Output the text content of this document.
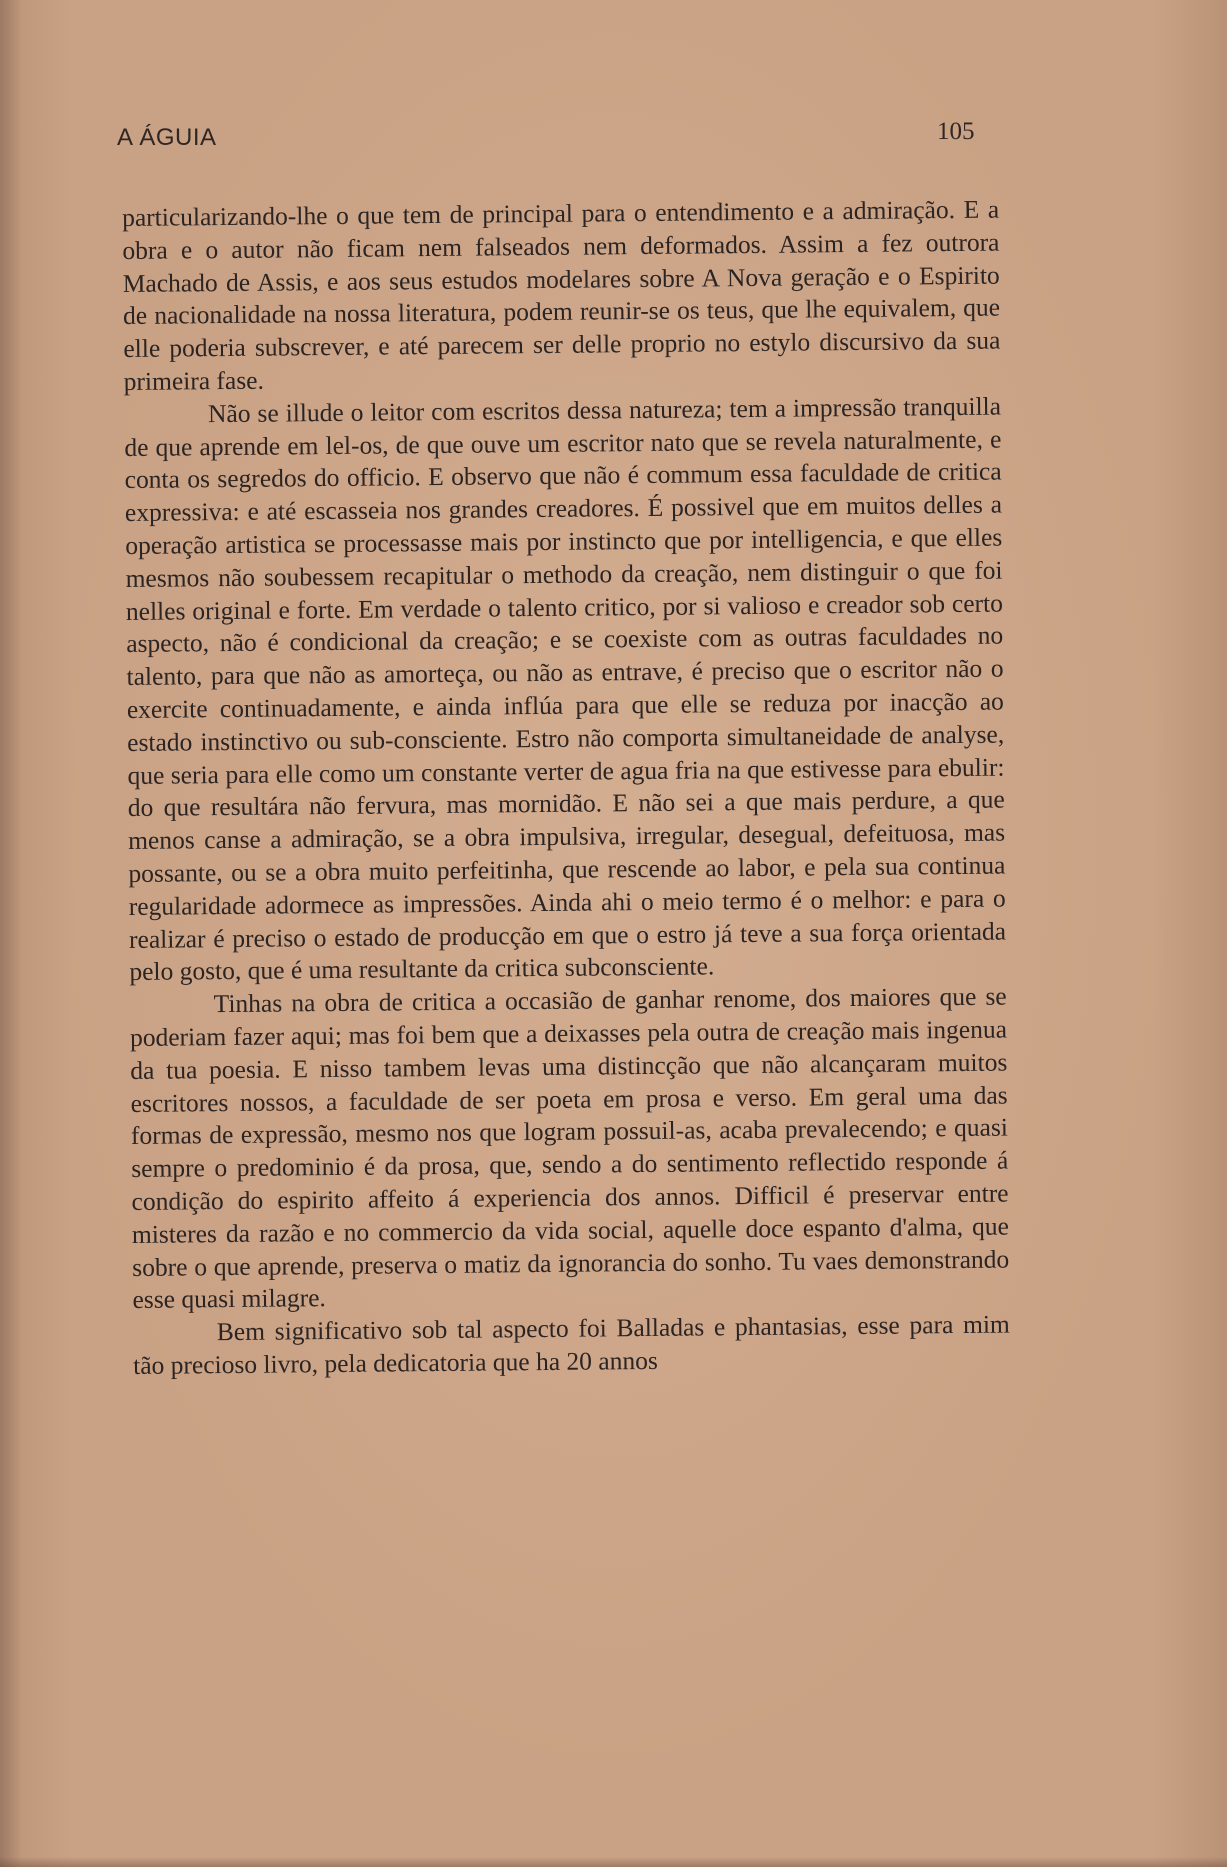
A ÁGUIA	105

particularizando-lhe o que tem de principal para o entendimento e a admiração. E a obra e o autor não ficam nem falseados nem deformados. Assim a fez outrora Machado de Assis, e aos seus estudos modelares sobre A Nova geração e o Espirito de nacionalidade na nossa literatura, podem reunir-se os teus, que lhe equivalem, que elle poderia subscrever, e até parecem ser delle proprio no estylo discursivo da sua primeira fase.

Não se illude o leitor com escritos dessa natureza; tem a impressão tranquilla de que aprende em lel-os, de que ouve um escritor nato que se revela naturalmente, e conta os segredos do officio. E observo que não é commum essa faculdade de critica expressiva: e até escasseia nos grandes creadores. É possivel que em muitos delles a operação artistica se processasse mais por instincto que por intelligencia, e que elles mesmos não soubessem recapitular o methodo da creação, nem distinguir o que foi nelles original e forte. Em verdade o talento critico, por si valioso e creador sob certo aspecto, não é condicional da creação; e se coexiste com as outras faculdades no talento, para que não as amorteça, ou não as entrave, é preciso que o escritor não o exercite continuadamente, e ainda inflúa para que elle se reduza por inacção ao estado instinctivo ou sub-consciente. Estro não comporta simultaneidade de analyse, que seria para elle como um constante verter de agua fria na que estivesse para ebulir: do que resultára não fervura, mas mornidão. E não sei a que mais perdure, a que menos canse a admiração, se a obra impulsiva, irregular, desegual, defeituosa, mas possante, ou se a obra muito perfeitinha, que rescende ao labor, e pela sua continua regularidade adormece as impressões. Ainda ahi o meio termo é o melhor: e para o realizar é preciso o estado de producção em que o estro já teve a sua força orientada pelo gosto, que é uma resultante da critica subconsciente.

Tinhas na obra de critica a occasião de ganhar renome, dos maiores que se poderiam fazer aqui; mas foi bem que a deixasses pela outra de creação mais ingenua da tua poesia. E nisso tambem levas uma distincção que não alcançaram muitos escritores nossos, a faculdade de ser poeta em prosa e verso. Em geral uma das formas de expressão, mesmo nos que logram possuil-as, acaba prevalecendo; e quasi sempre o predominio é da prosa, que, sendo a do sentimento reflectido responde á condição do espirito affeito á experiencia dos annos. Difficil é preservar entre misteres da razão e no commercio da vida social, aquelle doce espanto d'alma, que sobre o que aprende, preserva o matiz da ignorancia do sonho. Tu vaes demonstrando esse quasi milagre.

Bem significativo sob tal aspecto foi Balladas e phantasias, esse para mim tão precioso livro, pela dedicatoria que ha 20 annos
